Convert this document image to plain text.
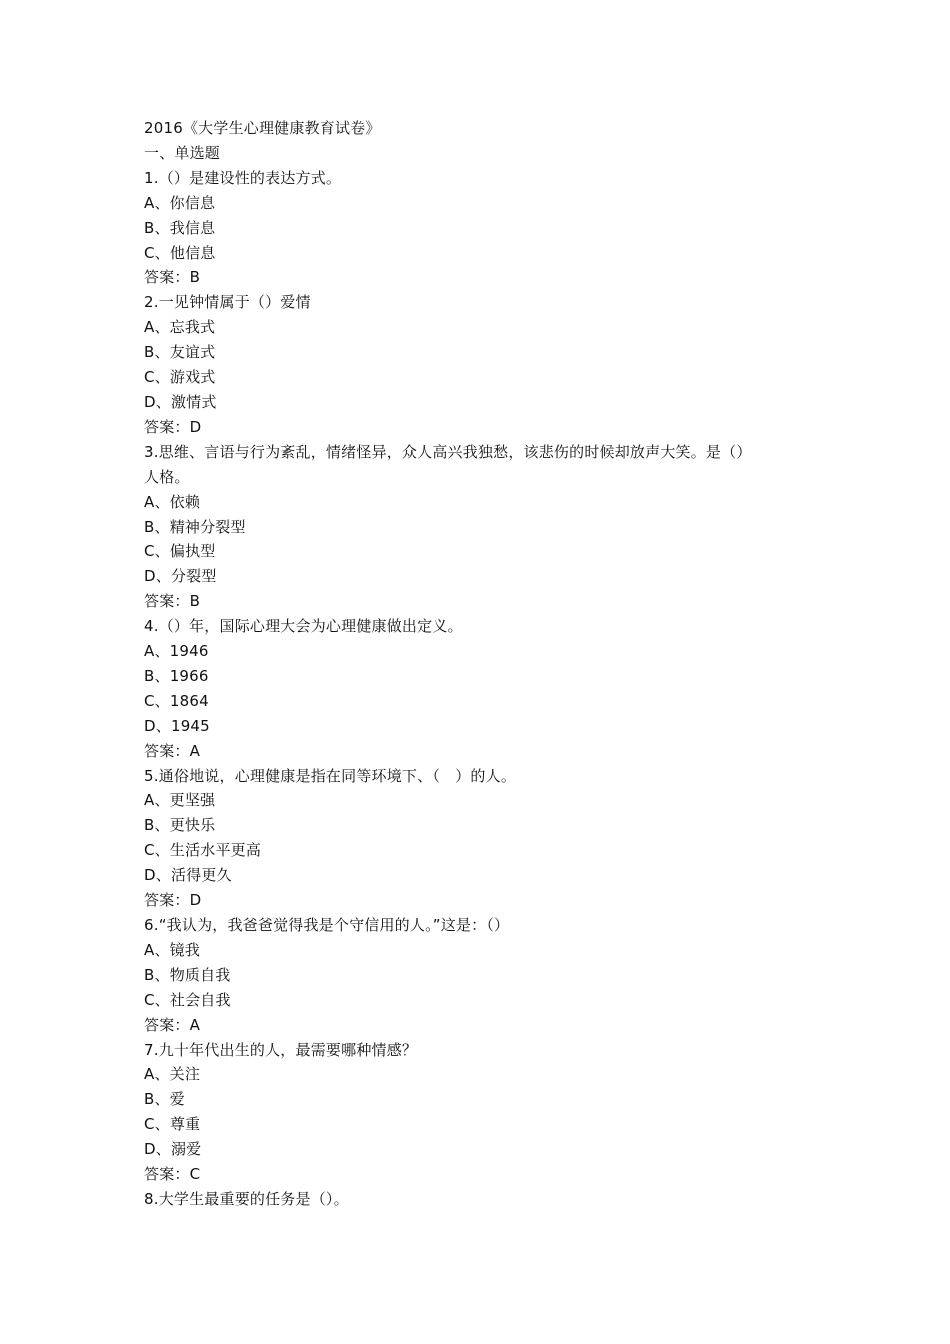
2016《大学生心理健康教育试卷》
一、单选题
1.（）是建设性的表达方式。
A、你信息
B、我信息
C、他信息
答案：B
2.一见钟情属于（）爱情
A、忘我式
B、友谊式
C、游戏式
D、激情式
答案：D
3.思维、言语与行为紊乱，情绪怪异，众人高兴我独愁，该悲伤的时候却放声大笑。是（）
人格。
A、依赖
B、精神分裂型
C、偏执型
D、分裂型
答案：B
4.（）年，国际心理大会为心理健康做出定义。
A、1946
B、1966
C、1864
D、1945
答案：A
5.通俗地说，心理健康是指在同等环境下、（　）的人。
A、更坚强
B、更快乐
C、生活水平更高
D、活得更久
答案：D
6.“我认为，我爸爸觉得我是个守信用的人。”这是：（）
A、镜我
B、物质自我
C、社会自我
答案：A
7.九十年代出生的人，最需要哪种情感？
A、关注
B、爱
C、尊重
D、溺爱
答案：C
8.大学生最重要的任务是（）。
